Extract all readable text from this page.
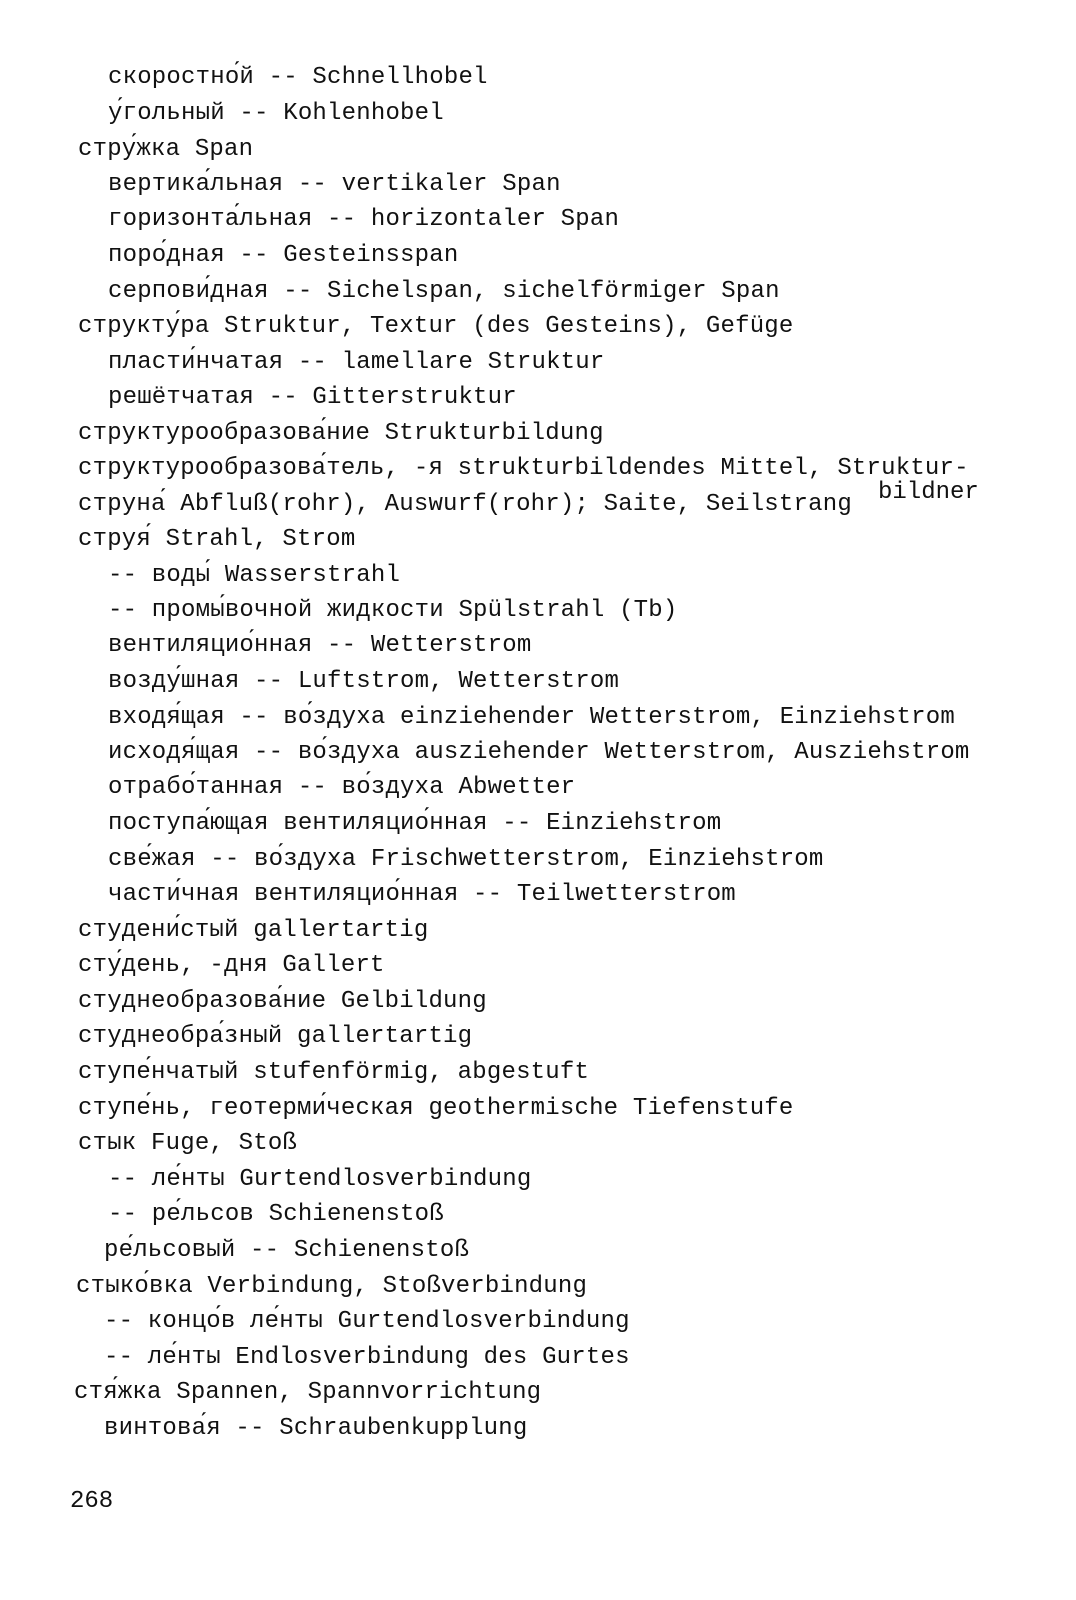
скоростно́й -- Schnellhobel
у́гольный -- Kohlenhobel
стру́жка Span
вертика́льная -- vertikaler Span
горизонта́льная -- horizontaler Span
поро́дная -- Gesteinsspan
серпови́дная -- Sichelspan, sichelförmiger Span
структу́ра Struktur, Textur (des Gesteins), Gefüge
пласти́нчатая -- lamellare Struktur
решётчатая -- Gitterstruktur
структурообразова́ние Strukturbildung
структурообразова́тель, -я strukturbildendes Mittel, Struktur-
струна́ Abfluß(rohr), Auswurf(rohr); Saite, Seilstrang bildner
струя́ Strahl, Strom
-- воды́ Wasserstrahl
-- промы́вочной жидкости Spülstrahl (Tb)
вентиляцио́нная -- Wetterstrom
возду́шная -- Luftstrom, Wetterstrom
входя́щая -- во́здуха einziehender Wetterstrom, Einziehstrom
исходя́щая -- во́здуха ausziehender Wetterstrom, Ausziehstrom
отрабо́танная -- во́здуха Abwetter
поступа́ющая вентиляцио́нная -- Einziehstrom
све́жая -- во́здуха Frischwetterstrom, Einziehstrom
части́чная вентиляцио́нная -- Teilwetterstrom
студени́стый gallertartig
сту́день, -дня Gallert
студнеобразова́ние Gelbildung
студнеобра́зный gallertartig
ступе́нчатый stufenförmig, abgestuft
ступе́нь, геотерми́ческая geothermische Tiefenstufe
стык Fuge, Stoß
-- ле́нты Gurtendlosverbindung
-- ре́льсов Schienenstoß
ре́льсовый -- Schienenstoß
стыко́вка Verbindung, Stoßverbindung
-- концо́в ле́нты Gurtendlosverbindung
-- ле́нты Endlosverbindung des Gurtes
стя́жка Spannen, Spannvorrichtung
винтова́я -- Schraubenkupplung
268
